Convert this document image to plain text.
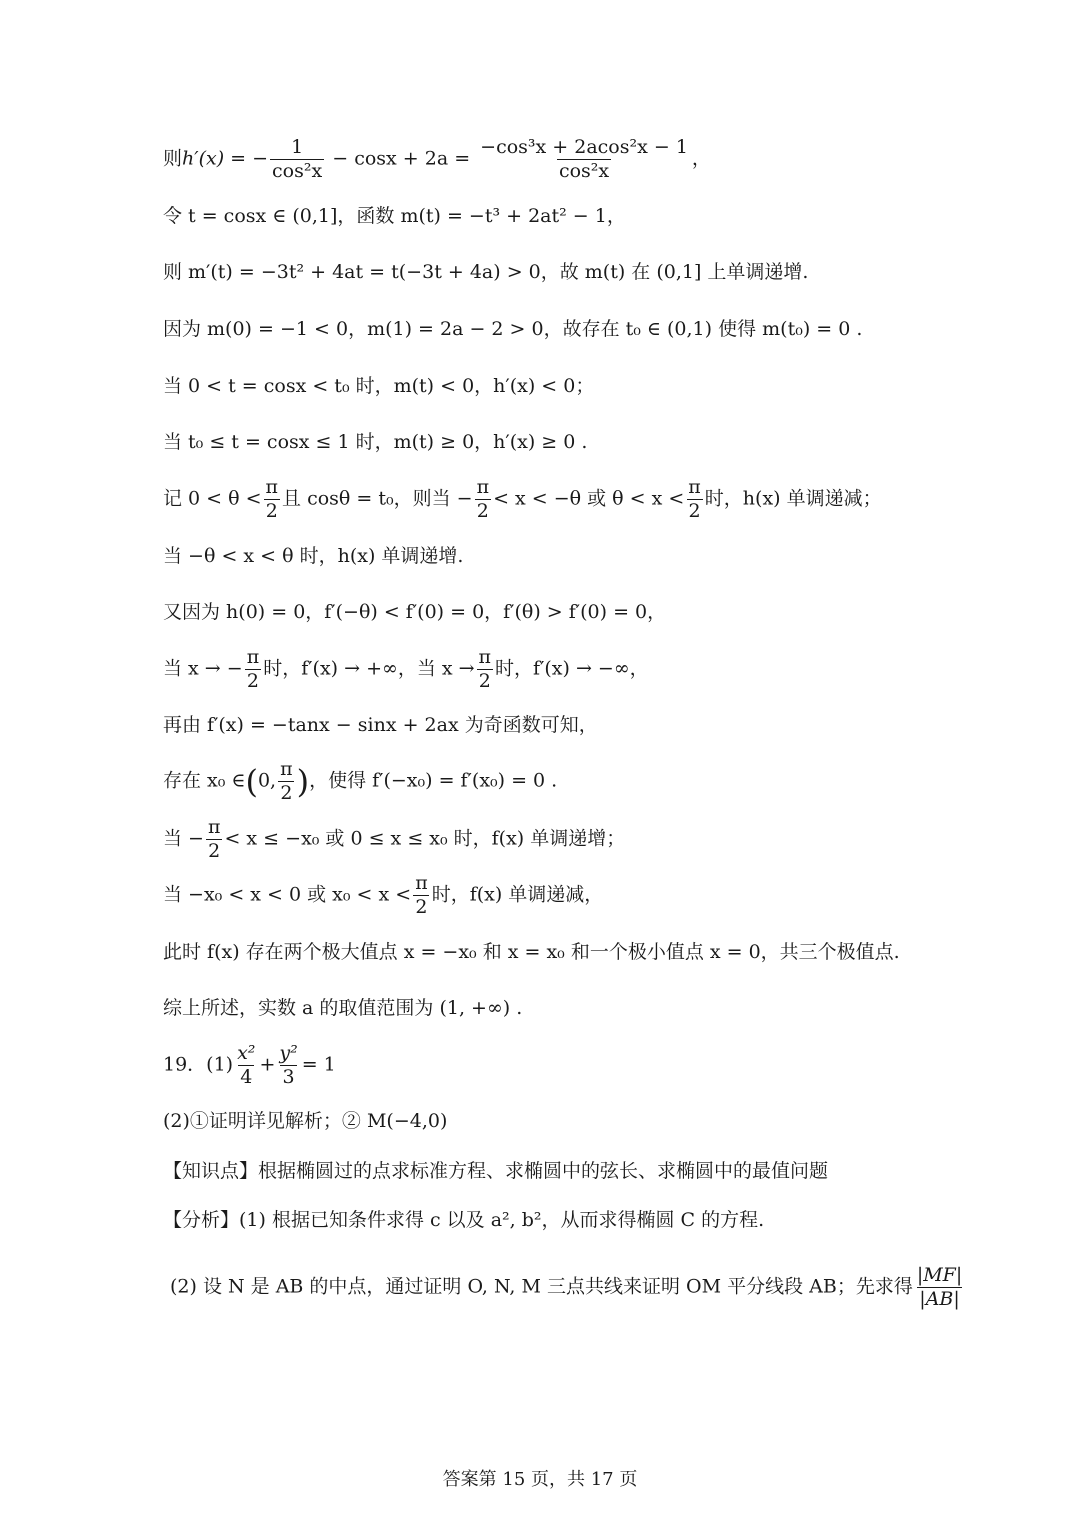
则h′(x) = − $\frac{1}{\text{cos²x}} - \cos x + 2a = \frac{\text{−cos³x + 2acos²x − 1}}{\text{cos²x}}$ ，
令 t = cosx ∈ (0,1]，函数 m(t) = −t³ + 2at² − 1，
则 m′(t) = −3t² + 4at = t(−3t + 4a) > 0，故 m(t) 在 (0,1] 上单调递增.
因为 m(0) = −1 < 0，m(1) = 2a − 2 > 0，故存在 t₀ ∈ (0,1) 使得 m(t₀) = 0 .
当 0 < t = cosx < t₀ 时，m(t) < 0，h′(x) < 0；
当 t₀ ≤ t = cosx ≤ 1 时，m(t) ≥ 0，h′(x) ≥ 0 .
记 $0 < \theta < \frac{\pi}{2}$ 且 cosθ = t₀，则当 − $\frac{\pi}{2} < x < -\theta$ 或 $\theta < x < \frac{\pi}{2}$ 时，h(x) 单调递减；
当 −θ < x < θ 时，h(x) 单调递增.
又因为 h(0) = 0，f′(−θ) < f′(0) = 0，f′(θ) > f′(0) = 0，
当 x → − $\frac{\pi}{2}$ 时，f′(x) → +∞，当 $x \to \frac{\pi}{2}$ 时，f′(x) → −∞，
再由 f′(x) = −tanx − sinx + 2ax 为奇函数可知，
存在 x₀ ∈(0, $\frac{\pi}{2}$ )，使得 f′(−x₀) = f′(x₀) = 0 .
当 − $\frac{\pi}{2} < x \le -x_0$ 或 0 ≤ x ≤ x₀ 时，f(x) 单调递增；
当 −x₀ < x < 0 或 $x_0 < x < \frac{\pi}{2}$ 时，f(x) 单调递减，
此时 f(x) 存在两个极大值点 x = −x₀ 和 x = x₀ 和一个极小值点 x = 0，共三个极值点.
综上所述，实数 a 的取值范围为 (1, +∞) .
19．$(1) \frac{\text{x²}}{4} + \frac{\text{y²}}{3} = 1$
(2)①证明详见解析；② M(−4,0)
【知识点】根据椭圆过的点求标准方程、求椭圆中的弦长、求椭圆中的最值问题
【分析】(1) 根据已知条件求得 c 以及 a², b²，从而求得椭圆 C 的方程.
(2) 设 N 是 AB 的中点，通过证明 O, N, M 三点共线来证明 OM 平分线段 AB；先求得 $\frac{|MF|}{|AB|}$
答案第 15 页，共 17 页
